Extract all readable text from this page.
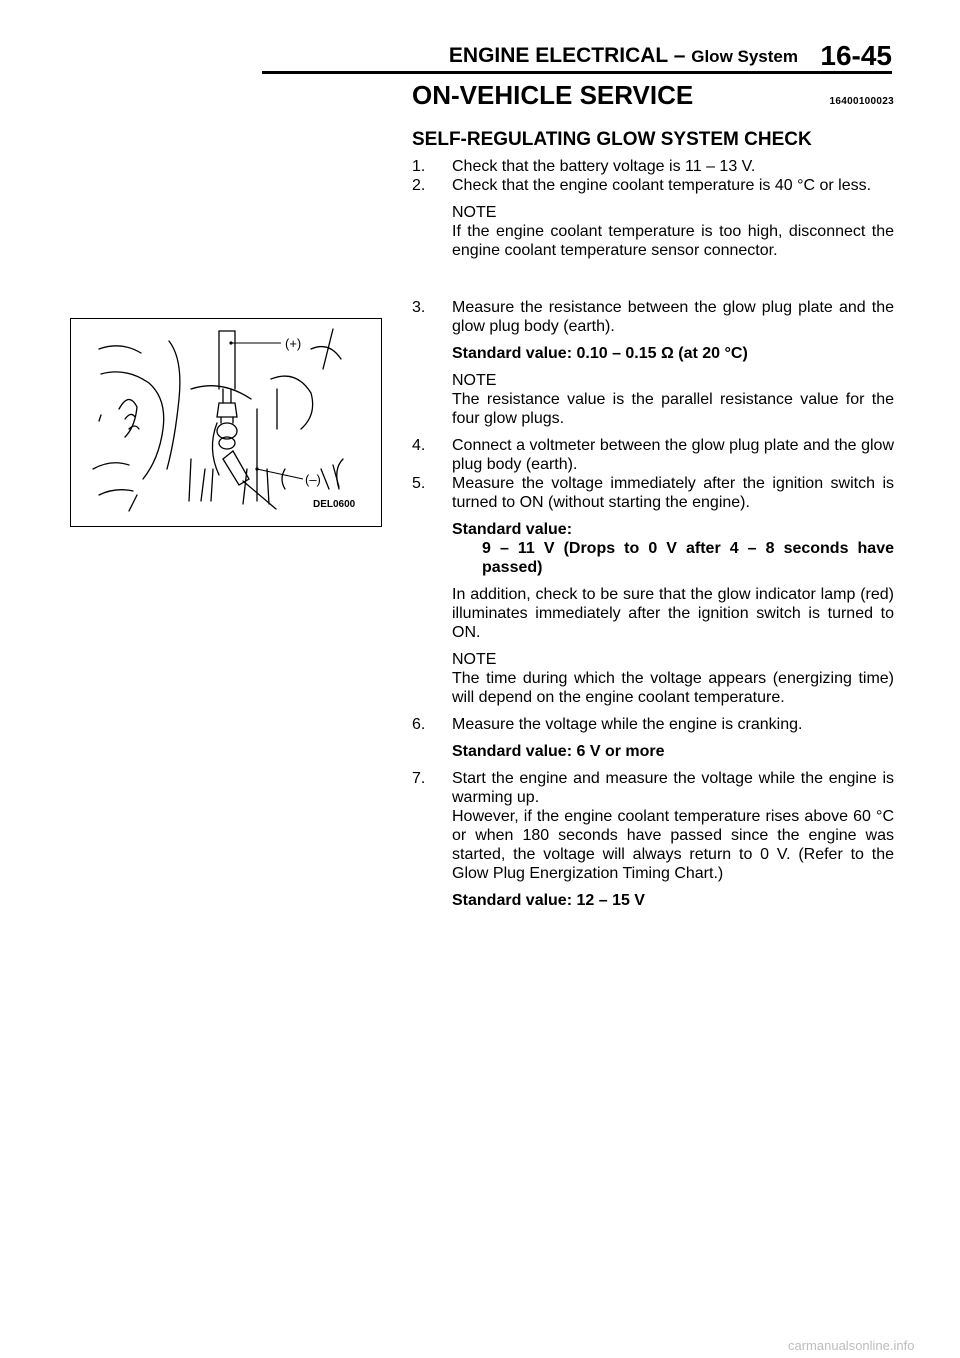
ENGINE ELECTRICAL – Glow System 16-45
(+)
(–)
DEL0600
ON-VEHICLE SERVICE	16400100023
SELF-REGULATING GLOW SYSTEM CHECK
1. Check that the battery voltage is 11 – 13 V.
2. Check that the engine coolant temperature is 40 °C or less.
NOTE
If the engine coolant temperature is too high, disconnect the engine coolant temperature sensor connector.
3. Measure the resistance between the glow plug plate and the glow plug body (earth).
Standard value: 0.10 – 0.15 Ω (at 20 °C)
NOTE
The resistance value is the parallel resistance value for the four glow plugs.
4. Connect a voltmeter between the glow plug plate and the glow plug body (earth).
5. Measure the voltage immediately after the ignition switch is turned to ON (without starting the engine).
Standard value:
9 – 11 V (Drops to 0 V after 4 – 8 seconds have passed)
In addition, check to be sure that the glow indicator lamp (red) illuminates immediately after the ignition switch is turned to ON.
NOTE
The time during which the voltage appears (energizing time) will depend on the engine coolant temperature.
6. Measure the voltage while the engine is cranking.
Standard value: 6 V or more
7. Start the engine and measure the voltage while the engine is warming up.
However, if the engine coolant temperature rises above 60 °C or when 180 seconds have passed since the engine was started, the voltage will always return to 0 V. (Refer to the Glow Plug Energization Timing Chart.)
Standard value: 12 – 15 V
carmanualsonline.info
